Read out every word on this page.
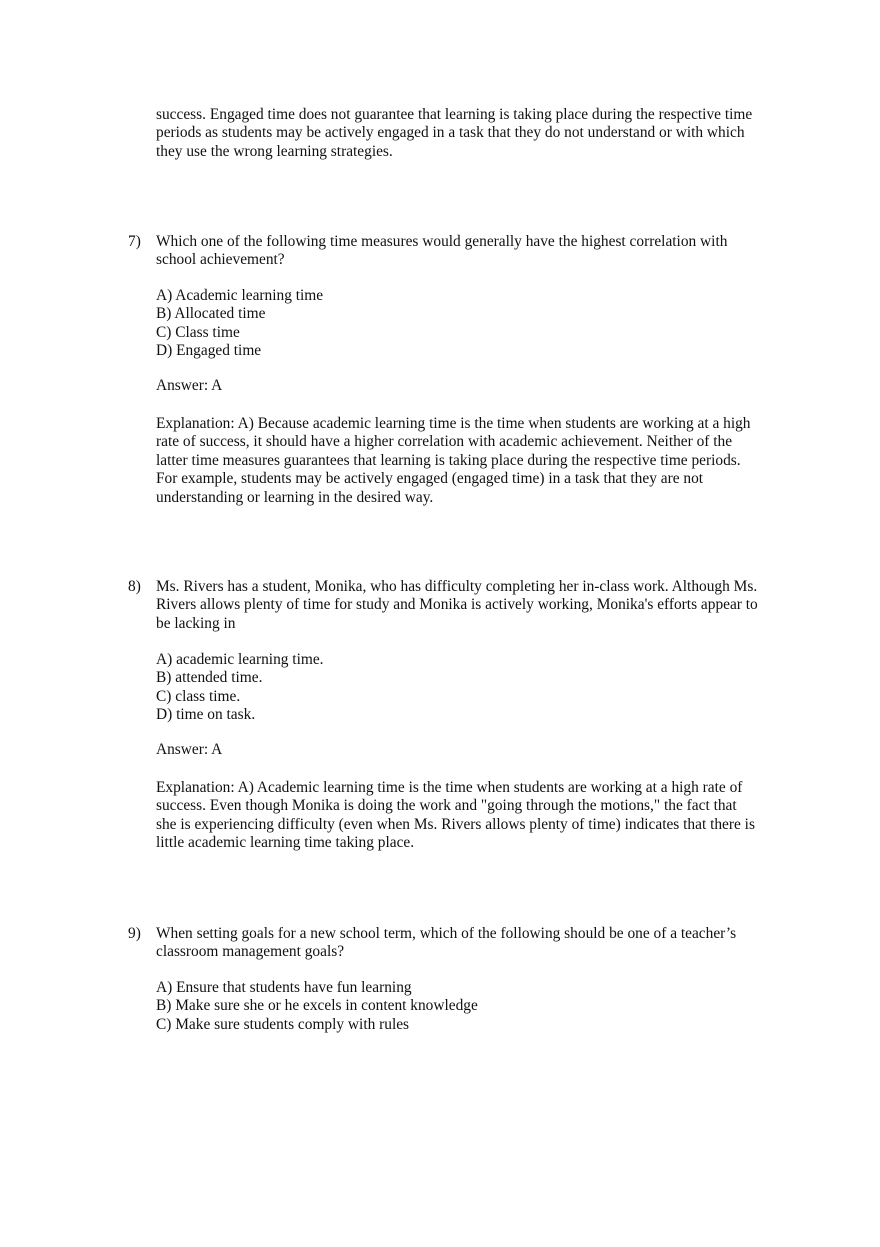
success. Engaged time does not guarantee that learning is taking place during the respective time
periods as students may be actively engaged in a task that they do not understand or with which
they use the wrong learning strategies.
7) Which one of the following time measures would generally have the highest correlation with
school achievement?
A) Academic learning time
B) Allocated time
C) Class time
D) Engaged time
Answer: A
Explanation: A) Because academic learning time is the time when students are working at a high
rate of success, it should have a higher correlation with academic achievement. Neither of the
latter time measures guarantees that learning is taking place during the respective time periods.
For example, students may be actively engaged (engaged time) in a task that they are not
understanding or learning in the desired way.
8) Ms. Rivers has a student, Monika, who has difficulty completing her in-class work. Although Ms.
Rivers allows plenty of time for study and Monika is actively working, Monika's efforts appear to
be lacking in
A) academic learning time.
B) attended time.
C) class time.
D) time on task.
Answer: A
Explanation: A) Academic learning time is the time when students are working at a high rate of
success. Even though Monika is doing the work and "going through the motions," the fact that
she is experiencing difficulty (even when Ms. Rivers allows plenty of time) indicates that there is
little academic learning time taking place.
9) When setting goals for a new school term, which of the following should be one of a teacher’s
classroom management goals?
A) Ensure that students have fun learning
B) Make sure she or he excels in content knowledge
C) Make sure students comply with rules
